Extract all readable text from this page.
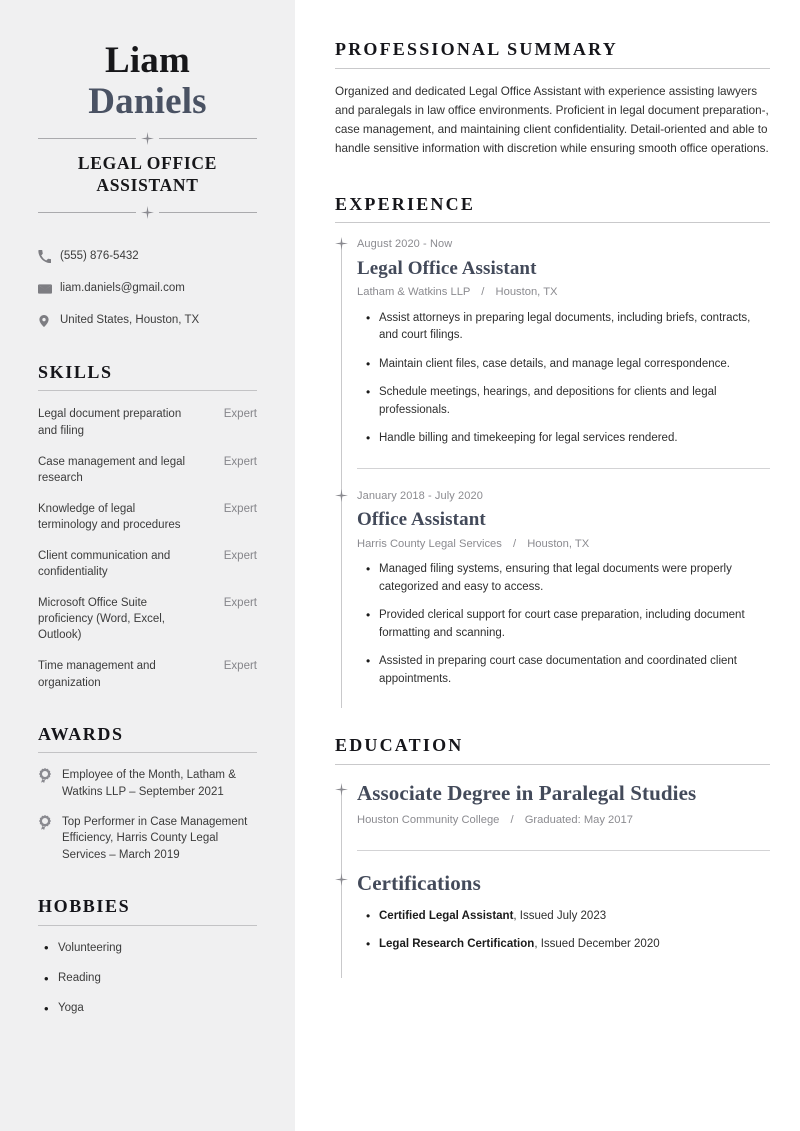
Liam
Daniels
LEGAL OFFICE ASSISTANT
(555) 876-5432
liam.daniels@gmail.com
United States, Houston, TX
SKILLS
Legal document preparation and filing
Expert
Case management and legal research
Expert
Knowledge of legal terminology and procedures
Expert
Client communication and confidentiality
Expert
Microsoft Office Suite proficiency (Word, Excel, Outlook)
Expert
Time management and organization
Expert
AWARDS
Employee of the Month, Latham & Watkins LLP – September 2021
Top Performer in Case Management Efficiency, Harris County Legal Services – March 2019
HOBBIES
• Volunteering
• Reading
• Yoga
PROFESSIONAL SUMMARY

Organized and dedicated Legal Office Assistant with experience assisting lawyers and paralegals in law office environments. Proficient in legal document preparation-, case management, and maintaining client confidentiality. Detail-oriented and able to handle sensitive information with discretion while ensuring smooth office operations.

EXPERIENCE
August 2020 - Now
Legal Office Assistant
Latham & Watkins LLP / Houston, TX
• Assist attorneys in preparing legal documents, including briefs, contracts, and court filings.
• Maintain client files, case details, and manage legal correspondence.
• Schedule meetings, hearings, and depositions for clients and legal professionals.
• Handle billing and timekeeping for legal services rendered.
January 2018 - July 2020
Office Assistant
Harris County Legal Services / Houston, TX
• Managed filing systems, ensuring that legal documents were properly categorized and easy to access.
• Provided clerical support for court case preparation, including document formatting and scanning.
• Assisted in preparing court case documentation and coordinated client appointments.
EDUCATION
Associate Degree in Paralegal Studies
Houston Community College / Graduated: May 2017
Certifications
• Certified Legal Assistant, Issued July 2023
• Legal Research Certification, Issued December 2020
